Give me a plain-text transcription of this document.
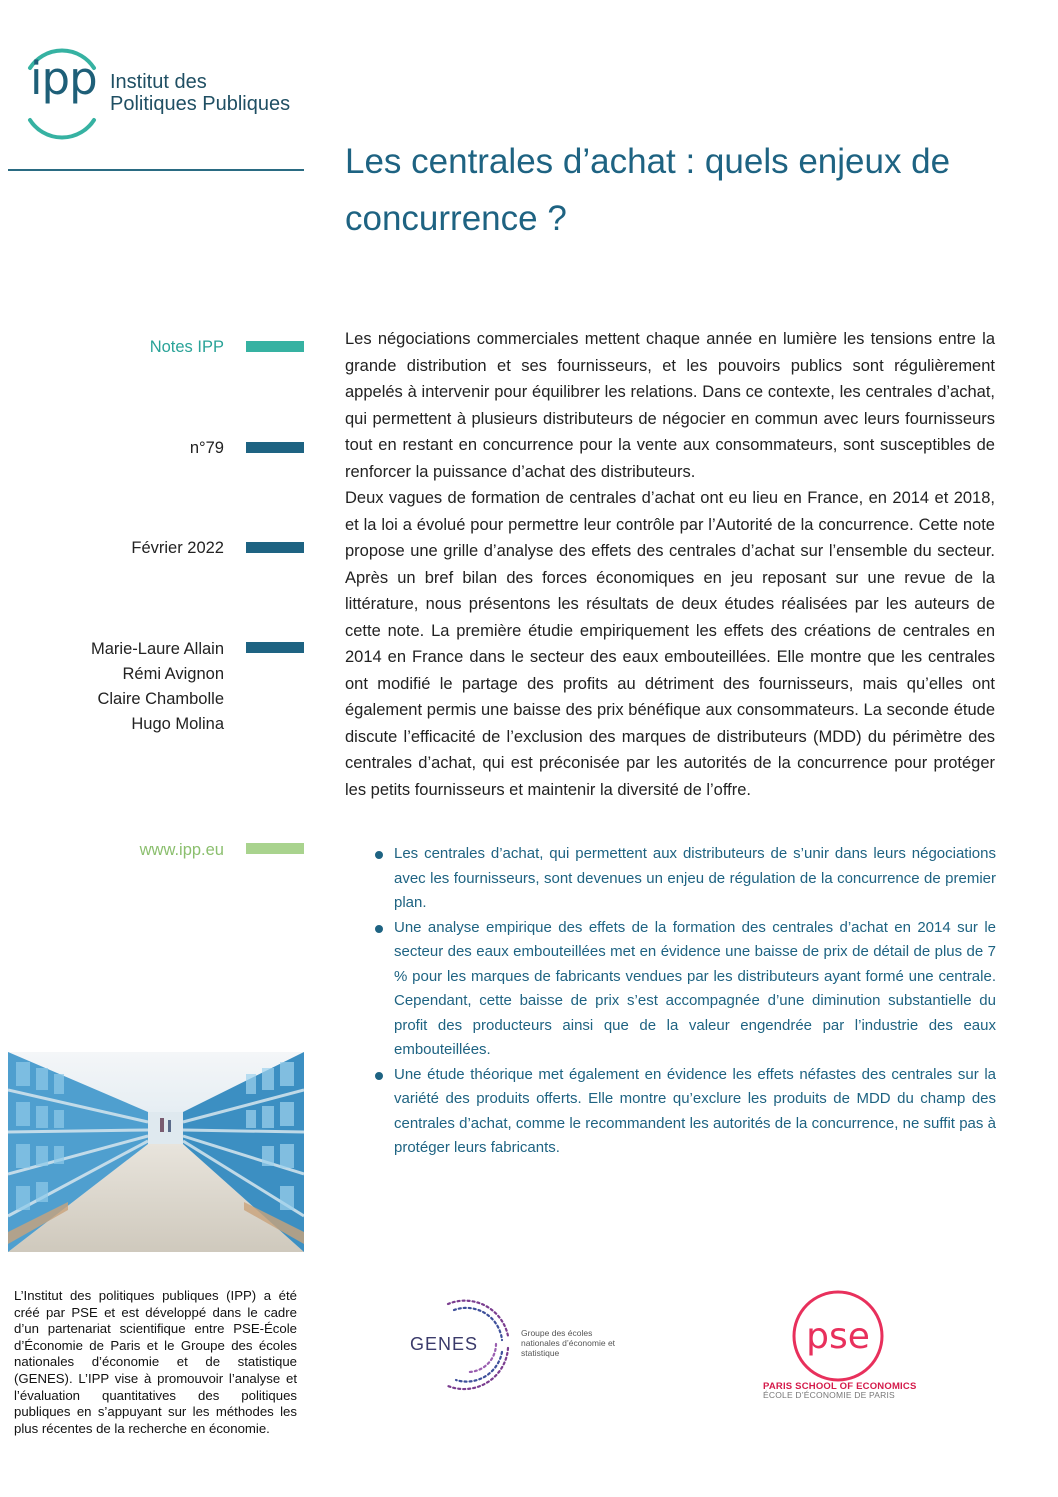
ipp Institut des
Politiques Publiques
Les centrales d’achat : quels enjeux de concurrence ?
Notes IPP
n°79
Février 2022
Marie-Laure Allain
Rémi Avignon
Claire Chambolle
Hugo Molina
www.ipp.eu

Les négociations commerciales mettent chaque année en lumière les tensions entre la grande distribution et ses fournisseurs, et les pouvoirs publics sont régulièrement appelés à intervenir pour équilibrer les relations. Dans ce contexte, les centrales d’achat, qui permettent à plusieurs distributeurs de négocier en commun avec leurs fournisseurs tout en restant en concurrence pour la vente aux consommateurs, sont susceptibles de renforcer la puissance d’achat des distributeurs.

Deux vagues de formation de centrales d’achat ont eu lieu en France, en 2014 et 2018, et la loi a évolué pour permettre leur contrôle par l’Autorité de la concurrence. Cette note propose une grille d’analyse des effets des centrales d’achat sur l’ensemble du secteur. Après un bref bilan des forces économiques en jeu reposant sur une revue de la littérature, nous présentons les résultats de deux études réalisées par les auteurs de cette note. La première étudie empiriquement les effets des créations de centrales en 2014 en France dans le secteur des eaux embouteillées. Elle montre que les centrales ont modifié le partage des profits au détriment des fournisseurs, mais qu’elles ont également permis une baisse des prix bénéfique aux consommateurs. La seconde étude discute l’efficacité de l’exclusion des marques de distributeurs (MDD) du périmètre des centrales d’achat, qui est préconisée par les autorités de la concurrence pour protéger les petits fournisseurs et maintenir la diversité de l’offre.

Les centrales d’achat, qui permettent aux distributeurs de s’unir dans leurs négociations avec les fournisseurs, sont devenues un enjeu de régulation de la concurrence de premier plan.
Une analyse empirique des effets de la formation des centrales d’achat en 2014 sur le secteur des eaux embouteillées met en évidence une baisse de prix de détail de plus de 7 % pour les marques de fabricants vendues par les distributeurs ayant formé une centrale. Cependant, cette baisse de prix s’est accompagnée d’une diminution substantielle du profit des producteurs ainsi que de la valeur engendrée par l’industrie des eaux embouteillées.
Une étude théorique met également en évidence les effets néfastes des centrales sur la variété des produits offerts. Elle montre qu’exclure les produits de MDD du champ des centrales d’achat, comme le recommandent les autorités de la concurrence, ne suffit pas à protéger leurs fabricants.
L’Institut des politiques publiques (IPP) a été créé par PSE et est développé dans le cadre d’un partenariat scientifique entre PSE-École d’Économie de Paris et le Groupe des écoles nationales d’économie et de statistique (GENES). L’IPP vise à promouvoir l’analyse et l’évaluation quantitatives des politiques publiques en s’appuyant sur les méthodes les plus récentes de la recherche en économie.
GENES
Groupe des écoles nationales d’économie et statistique	pse
PARIS SCHOOL OF ECONOMICS
ÉCOLE D’ÉCONOMIE DE PARIS
